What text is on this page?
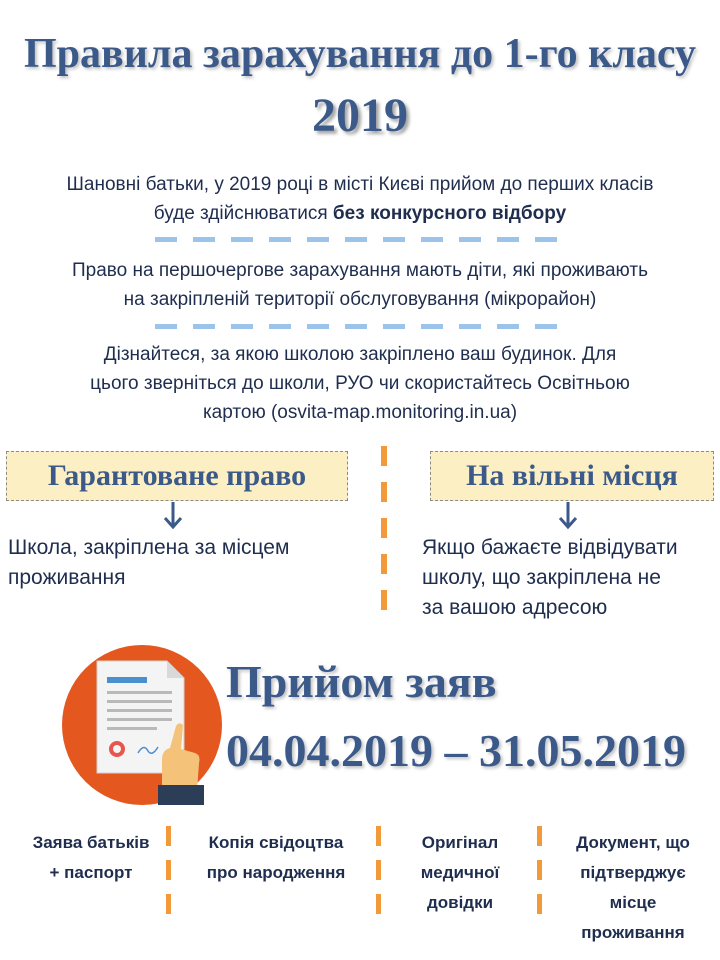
Правила зарахування до 1-го класу
2019
Шановні батьки, у 2019 році в місті Києві прийом до перших класів
буде здійснюватися без конкурсного відбору
Право на першочергове зарахування мають діти, які проживають
на закріпленій території обслуговування (мікрорайон)
Дізнайтеся, за якою школою закріплено ваш будинок. Для
цього зверніться до школи, РУО чи скористайтесь Освітньою
картою (osvita-map.monitoring.in.ua)
Гарантоване право	На вільні місця
Школа, закріплена за місцем
проживання
Якщо бажаєте відвідувати
школу, що закріплена не
за вашою адресою
Прийом заяв
04.04.2019 – 31.05.2019
Заява батьків
+ паспорт
Копія свідоцтва
про народження
Оригінал
медичної
довідки
Документ, що
підтверджує
місце
проживання
